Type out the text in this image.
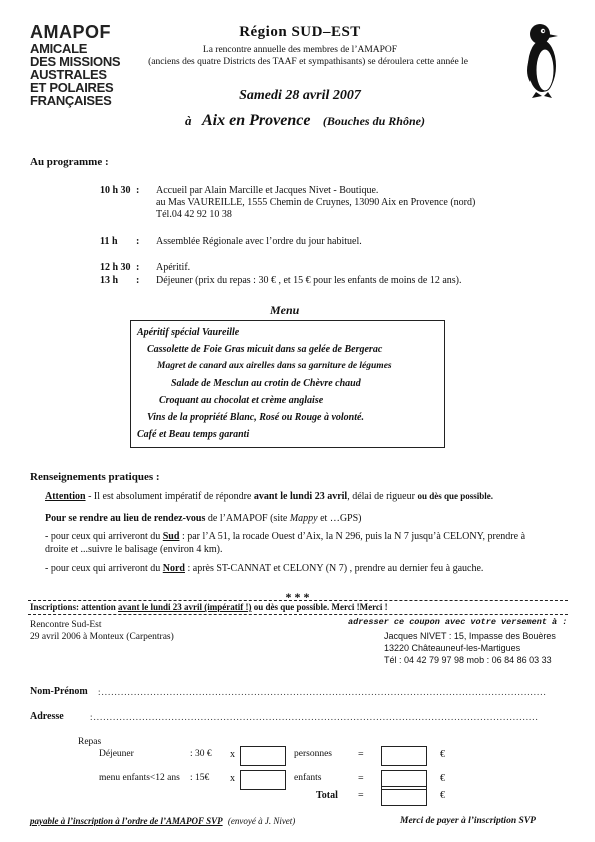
AMAPOF
AMICALE
DES MISSIONS
AUSTRALES
ET POLAIRES
FRANÇAISES
Région SUD–EST
La rencontre annuelle des membres de l’AMAPOF
(anciens des quatre Districts des TAAF et sympathisants) se déroulera cette année le
Samedi 28 avril 2007
à Aix en Provence (Bouches du Rhône)
Au programme :
10 h 30 : Accueil par Alain Marcille et Jacques Nivet - Boutique.
au Mas VAUREILLE, 1555 Chemin de Cruynes, 13090 Aix en Provence (nord)
Tél.04 42 92 10 38
11 h : Assemblée Régionale avec l’ordre du jour habituel.
12 h 30 : Apéritif.
13 h : Déjeuner (prix du repas : 30 € , et 15 € pour les enfants de moins de 12 ans).
Menu
Apéritif spécial Vaureille
Cassolette de Foie Gras micuit dans sa gelée de Bergerac
Magret de canard aux airelles dans sa garniture de légumes
Salade de Mesclun au crotin de Chèvre chaud
Croquant au chocolat et crème anglaise
Vins de la propriété Blanc, Rosé ou Rouge à volonté.
Café et Beau temps garanti
Renseignements pratiques :
Attention - Il est absolument impératif de répondre avant le lundi 23 avril, délai de rigueur ou dès que possible.
Pour se rendre au lieu de rendez-vous de l’AMAPOF (site Mappy et …GPS)
- pour ceux qui arriveront du Sud : par l’A 51, la rocade Ouest d’Aix, la N 296, puis la N 7 jusqu’à CELONY, prendre à
droite et ...suivre le balisage (environ 4 km).
- pour ceux qui arriveront du Nord : après ST-CANNAT et CELONY (N 7) , prendre au dernier feu à gauche.
* * *
Inscriptions: attention avant le lundi 23 avril (impératif !) ou dès que possible. Merci !Merci !
Rencontre Sud-Est
29 avril 2006 à Monteux (Carpentras)
adresser ce coupon avec votre versement à :
Jacques NIVET : 15, Impasse des Bouères
13220 Châteauneuf-les-Martigues
Tél : 04 42 79 97 98 mob : 06 84 86 03 33
Nom-Prénom :.........................................................................................................................................
Adresse	:.........................................................................................................................................
Repas
Déjeuner	: 30 € x	personnes	=	€
menu enfants<12 ans : 15€ x	enfants	=	€
Total =	€
payable à l’inscription à l’ordre de l’AMAPOF SVP (envoyé à J. Nivet)	Merci de payer à l’inscription SVP
